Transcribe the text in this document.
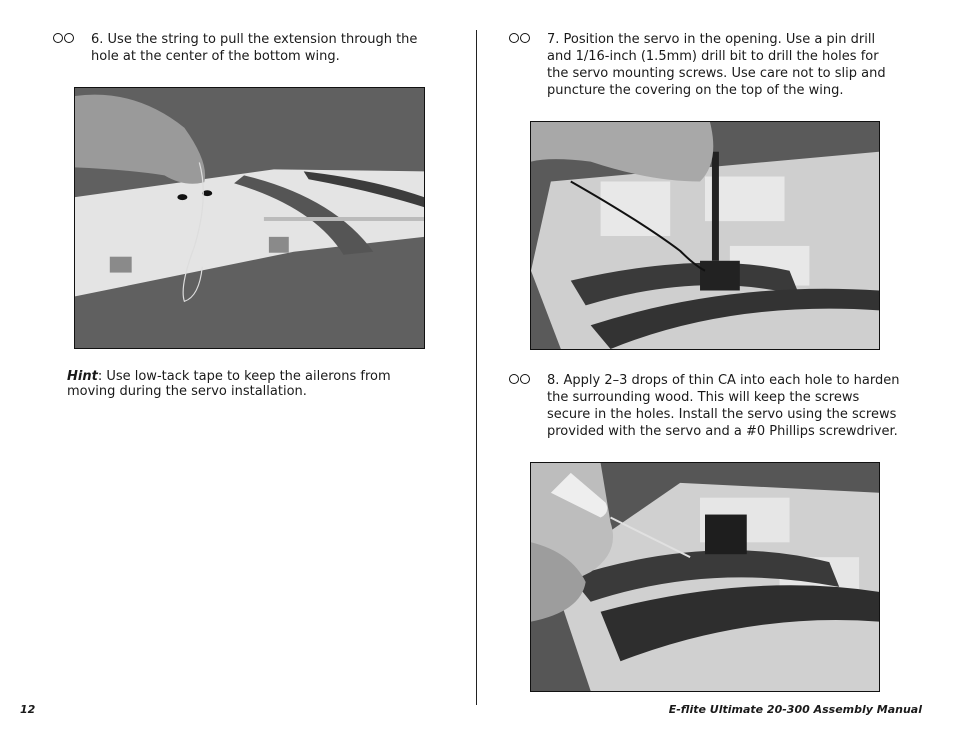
6. Use the string to pull the extension through the hole at the center of the bottom wing.
Hint: Use low-tack tape to keep the ailerons from moving during the servo installation.
7. Position the servo in the opening. Use a pin drill and 1/16-inch (1.5mm) drill bit to drill the holes for the servo mounting screws. Use care not to slip and puncture the covering on the top of the wing.
8. Apply 2–3 drops of thin CA into each hole to harden the surrounding wood. This will keep the screws secure in the holes. Install the servo using the screws provided with the servo and a #0 Phillips screwdriver.
12	E-flite Ultimate 20-300 Assembly Manual
